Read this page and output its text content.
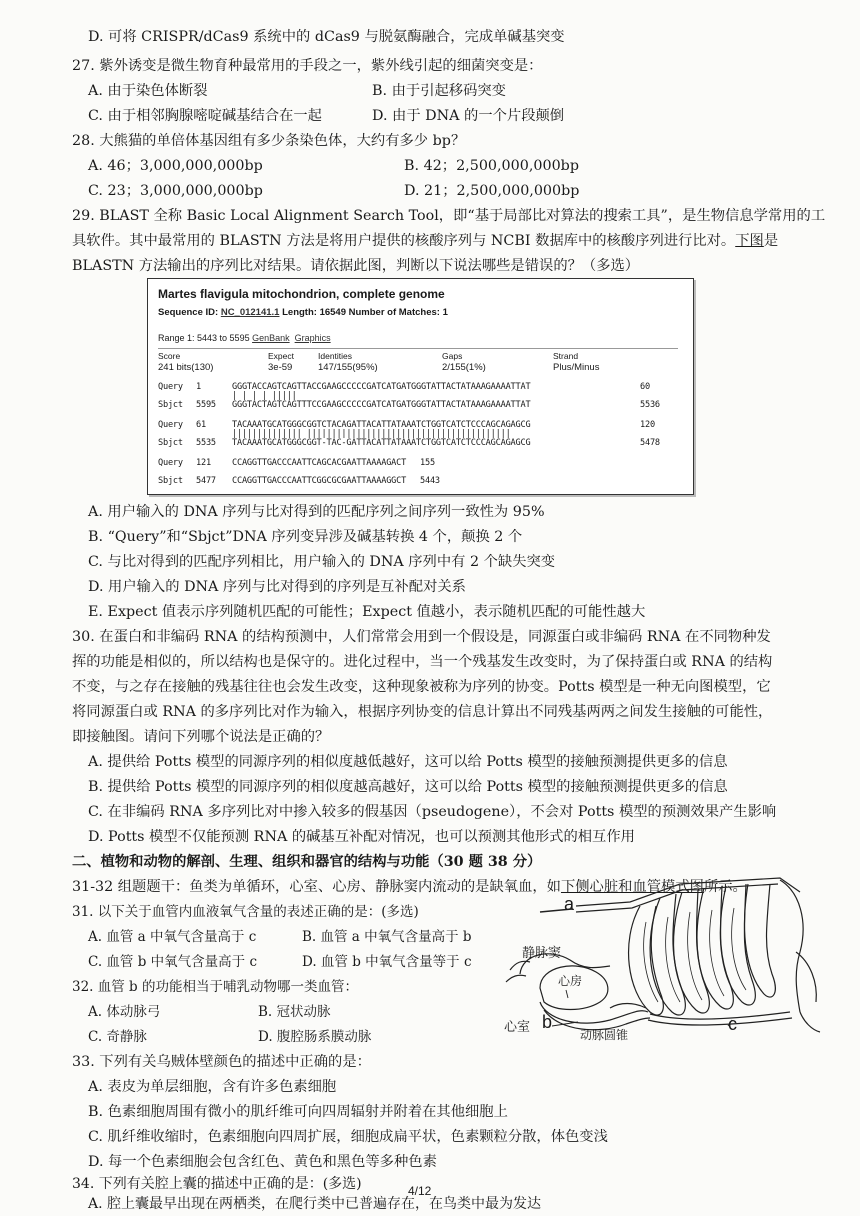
D. 可将 CRISPR/dCas9 系统中的 dCas9 与脱氨酶融合，完成单碱基突变
27. 紫外诱变是微生物育种最常用的手段之一，紫外线引起的细菌突变是：
A. 由于染色体断裂	B. 由于引起移码突变
C. 由于相邻胸腺嘧啶碱基结合在一起	D. 由于 DNA 的一个片段颠倒
28. 大熊猫的单倍体基因组有多少条染色体，大约有多少 bp？
A. 46；3,000,000,000bp	B. 42；2,500,000,000bp
C. 23；3,000,000,000bp	D. 21；2,500,000,000bp
29. BLAST 全称 Basic Local Alignment Search Tool，即“基于局部比对算法的搜索工具”，是生物信息学常用的工
具软件。其中最常用的 BLASTN 方法是将用户提供的核酸序列与 NCBI 数据库中的核酸序列进行比对。下图是
BLASTN 方法输出的序列比对结果。请依据此图，判断以下说法哪些是错误的？（多选）
Martes flavigula mitochondrion, complete genome
Sequence ID: NC_012141.1 Length: 16549 Number of Matches: 1
Range 1: 5443 to 5595 GenBank Graphics
Score	Expect	Identities	Gaps	Strand
241 bits(130)	3e-59	147/155(95%)	2/155(1%)	Plus/Minus
Query 1	GGGTACCAGTCAGTTACCGAAGCCCCCGATCATGATGGGTATTACTATAAAGAAAATTAT	60
| | | | |||||
Sbjct 5595 GGGTACTAGTCAGTTTCCGAAGCCCCCGATCATGATGGGTATTACTATAAAGAAAATTAT	5536
Query 61	TACAAATGCATGGGCGGTCTACAGATTACATTATAAATCTGGTCATCTCCCAGCAGAGCG	120
|||||||||||||| |||||||||||||||||||||||||||||||||||||||||
Sbjct 5535 TACAAATGCATGGGCGGT-TAC-GATTACATTATAAATCTGGTCATCTCCCAGCAGAGCG	5478
Query 121 CCAGGTTGACCCAATTCAGCACGAATTAAAAGACT 155
Sbjct 5477 CCAGGTTGACCCAATTCGGCGCGAATTAAAAGGCT 5443
A. 用户输入的 DNA 序列与比对得到的匹配序列之间序列一致性为 95%
B. “Query”和“Sbjct”DNA 序列变异涉及碱基转换 4 个，颠换 2 个
C. 与比对得到的匹配序列相比，用户输入的 DNA 序列中有 2 个缺失突变
D. 用户输入的 DNA 序列与比对得到的序列是互补配对关系
E. Expect 值表示序列随机匹配的可能性；Expect 值越小，表示随机匹配的可能性越大
30. 在蛋白和非编码 RNA 的结构预测中，人们常常会用到一个假设是，同源蛋白或非编码 RNA 在不同物种发
挥的功能是相似的，所以结构也是保守的。进化过程中，当一个残基发生改变时，为了保持蛋白或 RNA 的结构
不变，与之存在接触的残基往往也会发生改变，这种现象被称为序列的协变。Potts 模型是一种无向图模型，它
将同源蛋白或 RNA 的多序列比对作为输入，根据序列协变的信息计算出不同残基两两之间发生接触的可能性，
即接触图。请问下列哪个说法是正确的？
A. 提供给 Potts 模型的同源序列的相似度越低越好，这可以给 Potts 模型的接触预测提供更多的信息
B. 提供给 Potts 模型的同源序列的相似度越高越好，这可以给 Potts 模型的接触预测提供更多的信息
C. 在非编码 RNA 多序列比对中掺入较多的假基因（pseudogene），不会对 Potts 模型的预测效果产生影响
D. Potts 模型不仅能预测 RNA 的碱基互补配对情况，也可以预测其他形式的相互作用
二、植物和动物的解剖、生理、组织和器官的结构与功能（30 题 38 分）
31-32 组题题干：鱼类为单循环，心室、心房、静脉窦内流动的是缺氧血，如下侧心脏和血管模式图所示。
31. 以下关于血管内血液氧气含量的表述正确的是：(多选)
A. 血管 a 中氧气含量高于 c	B. 血管 a 中氧气含量高于 b
C. 血管 b 中氧气含量高于 c	D. 血管 b 中氧气含量等于 c
32. 血管 b 的功能相当于哺乳动物哪一类血管：
A. 体动脉弓	B. 冠状动脉
C. 奇静脉	D. 腹腔肠系膜动脉
33. 下列有关乌贼体壁颜色的描述中正确的是：
A. 表皮为单层细胞，含有许多色素细胞
B. 色素细胞周围有微小的肌纤维可向四周辐射并附着在其他细胞上
C. 肌纤维收缩时，色素细胞向四周扩展，细胞成扁平状，色素颗粒分散，体色变浅
D. 每一个色素细胞会包含红色、黄色和黑色等多种色素
34. 下列有关腔上囊的描述中正确的是：(多选)
A. 腔上囊最早出现在两栖类，在爬行类中已普遍存在，在鸟类中最为发达
a
静脉窦
心房
心室 b
动脉圆锥
c
4/12
